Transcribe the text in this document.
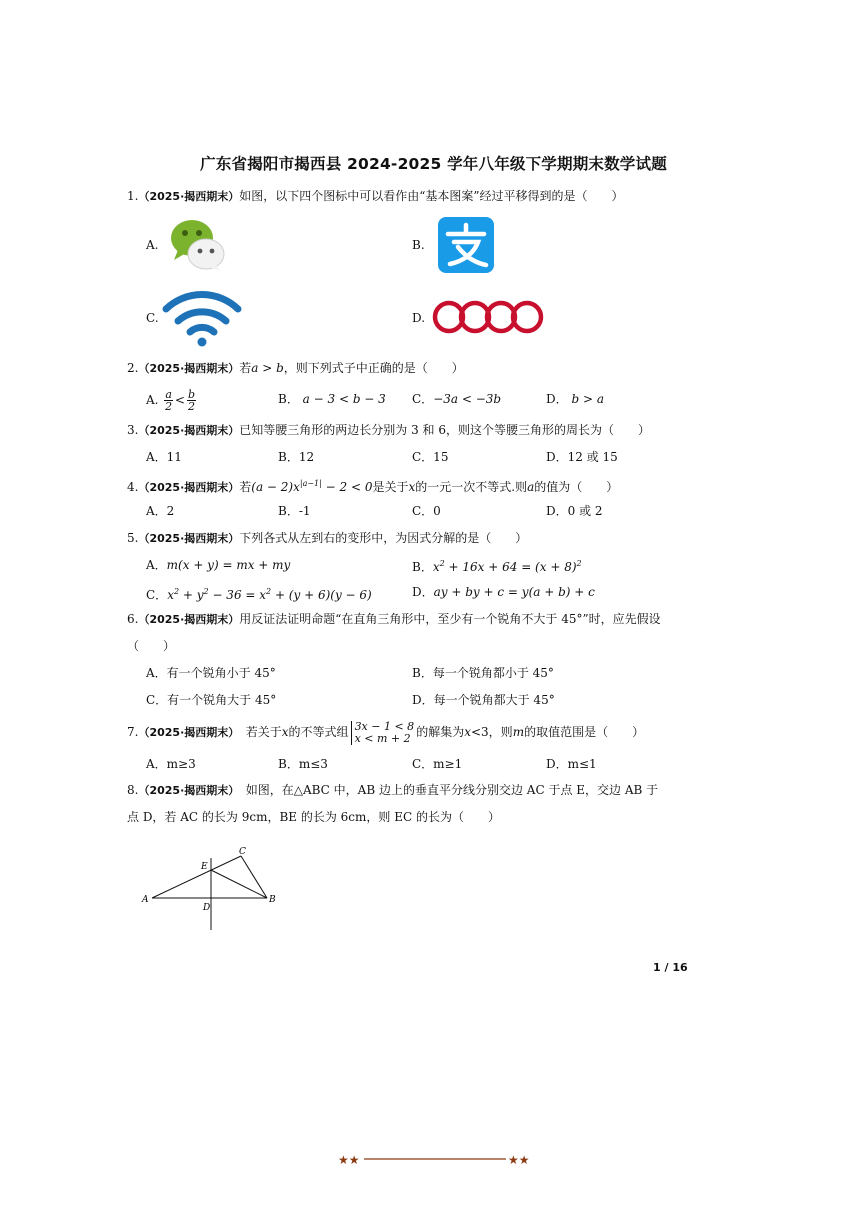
广东省揭阳市揭西县 2024-2025 学年八年级下学期期末数学试题
1.（2025·揭西期末）如图，以下四个图标中可以看作由“基本图案”经过平移得到的是（　　）
A.	B.
C.	D.
2.（2025·揭西期末）若a > b，则下列式子中正确的是（　　）
A. $\frac{a}{2} < \frac{b}{2}$	B． a − 3 < b − 3 C．−3a < −3b	D． b > a
3.（2025·揭西期末）已知等腰三角形的两边长分别为 3 和 6，则这个等腰三角形的周长为（　　）
A．11	B．12	C．15	D．12 或 15
4.（2025·揭西期末）若$(a - 2)x^{|a-1|} - 2 < 0$是关于x的一元一次不等式.则a的值为（　　）
A．2	B．-1	C．0	D．0 或 2
5.（2025·揭西期末）下列各式从左到右的变形中，为因式分解的是（　　）
A．m(x + y) = mx + my	B．$x^2 + 16x + 64 = (x + 8)^2$
C．$x^2 + y^2 - 36 = x^2 + (y + 6)(y - 6)$	D．ay + by + c = y(a + b) + c
6.（2025·揭西期末）用反证法证明命题“在直角三角形中，至少有一个锐角不大于 45°”时，应先假设
（　　）
A．有一个锐角小于 45°	B．每一个锐角都小于 45°
C．有一个锐角大于 45°	D．每一个锐角都大于 45°
7.（2025·揭西期末）　若关于x的不等式组 3x − 1 < 8
x < m + 2 的解集为x<3，则m的取值范围是（　　）
A．m≥3	B．m≤3	C．m≥1	D．m≤1
8.（2025·揭西期末）　如图，在△ABC 中，AB 边上的垂直平分线分别交边 AC 于点 E，交边 AB 于
点 D，若 AC 的长为 9cm，BE 的长为 6cm，则 EC 的长为（　　）
A	B
C
D
E
1 / 16
★★	★★
